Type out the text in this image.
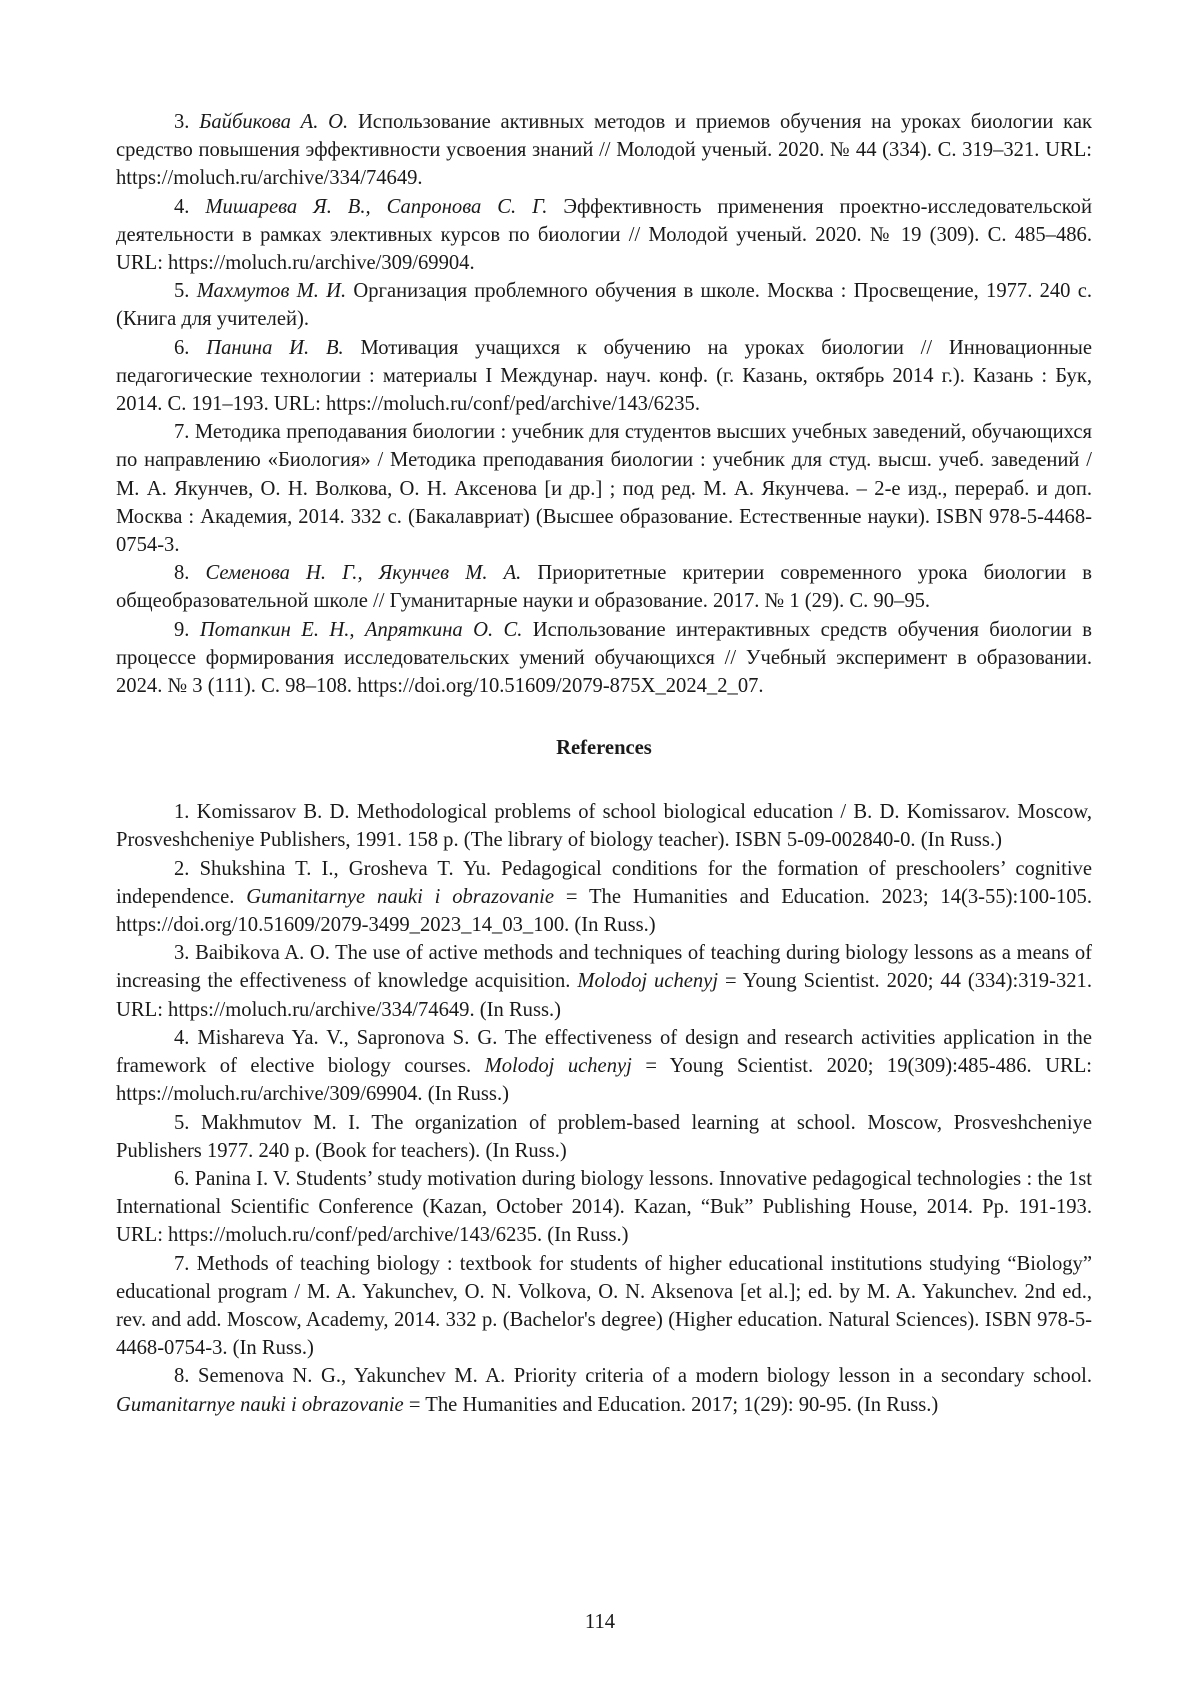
3. Байбикова А. О. Использование активных методов и приемов обучения на уроках биологии как средство повышения эффективности усвоения знаний // Молодой ученый. 2020. № 44 (334). С. 319–321. URL: https://moluch.ru/archive/334/74649.

4. Мишарева Я. В., Сапронова С. Г. Эффективность применения проектно-исследовательской деятельности в рамках элективных курсов по биологии // Молодой ученый. 2020. № 19 (309). С. 485–486. URL: https://moluch.ru/archive/309/69904.

5. Махмутов М. И. Организация проблемного обучения в школе. Москва : Просвещение, 1977. 240 с. (Книга для учителей).

6. Панина И. В. Мотивация учащихся к обучению на уроках биологии // Инновационные педагогические технологии : материалы I Междунар. науч. конф. (г. Казань, октябрь 2014 г.). Казань : Бук, 2014. С. 191–193. URL: https://moluch.ru/conf/ped/archive/143/6235.

7. Методика преподавания биологии : учебник для студентов высших учебных заведений, обучающихся по направлению «Биология» / Методика преподавания биологии : учебник для студ. высш. учеб. заведений / М. А. Якунчев, О. Н. Волкова, О. Н. Аксенова [и др.] ; под ред. М. А. Якунчева. – 2-е изд., перераб. и доп. Москва : Академия, 2014. 332 с. (Бакалавриат) (Высшее образование. Естественные науки). ISBN 978-5-4468-0754-3.

8. Семенова Н. Г., Якунчев М. А. Приоритетные критерии современного урока биологии в общеобразовательной школе // Гуманитарные науки и образование. 2017. № 1 (29). С. 90–95.

9. Потапкин Е. Н., Апряткина О. С. Использование интерактивных средств обучения биологии в процессе формирования исследовательских умений обучающихся // Учебный эксперимент в образовании. 2024. № 3 (111). С. 98–108. https://doi.org/10.51609/2079-875X_2024_2_07.

References

1. Komissarov B. D. Methodological problems of school biological education / B. D. Komissarov. Moscow, Prosveshcheniye Publishers, 1991. 158 p. (The library of biology teacher). ISBN 5-09-002840-0. (In Russ.)

2. Shukshina T. I., Grosheva T. Yu. Pedagogical conditions for the formation of preschoolers’ cognitive independence. Gumanitarnye nauki i obrazovanie = The Humanities and Education. 2023; 14(3-55):100-105. https://doi.org/10.51609/2079-3499_2023_14_03_100. (In Russ.)

3. Baibikova A. O. The use of active methods and techniques of teaching during biology lessons as a means of increasing the effectiveness of knowledge acquisition. Molodoj uchenyj = Young Scientist. 2020; 44 (334):319-321. URL: https://moluch.ru/archive/334/74649. (In Russ.)

4. Mishareva Ya. V., Sapronova S. G. The effectiveness of design and research activities application in the framework of elective biology courses. Molodoj uchenyj = Young Scientist. 2020; 19(309):485-486. URL: https://moluch.ru/archive/309/69904. (In Russ.)

5. Makhmutov M. I. The organization of problem-based learning at school. Moscow, Prosveshcheniye Publishers 1977. 240 p. (Book for teachers). (In Russ.)

6. Panina I. V. Students’ study motivation during biology lessons. Innovative pedagogical technologies : the 1st International Scientific Conference (Kazan, October 2014). Kazan, “Buk” Publishing House, 2014. Pp. 191-193. URL: https://moluch.ru/conf/ped/archive/143/6235. (In Russ.)

7. Methods of teaching biology : textbook for students of higher educational institutions studying “Biology” educational program / M. A. Yakunchev, O. N. Volkova, O. N. Aksenova [et al.]; ed. by M. A. Yakunchev. 2nd ed., rev. and add. Moscow, Academy, 2014. 332 p. (Bachelor's degree) (Higher education. Natural Sciences). ISBN 978-5-4468-0754-3. (In Russ.)

8. Semenova N. G., Yakunchev M. A. Priority criteria of a modern biology lesson in a secondary school. Gumanitarnye nauki i obrazovanie = The Humanities and Education. 2017; 1(29): 90-95. (In Russ.)

114
